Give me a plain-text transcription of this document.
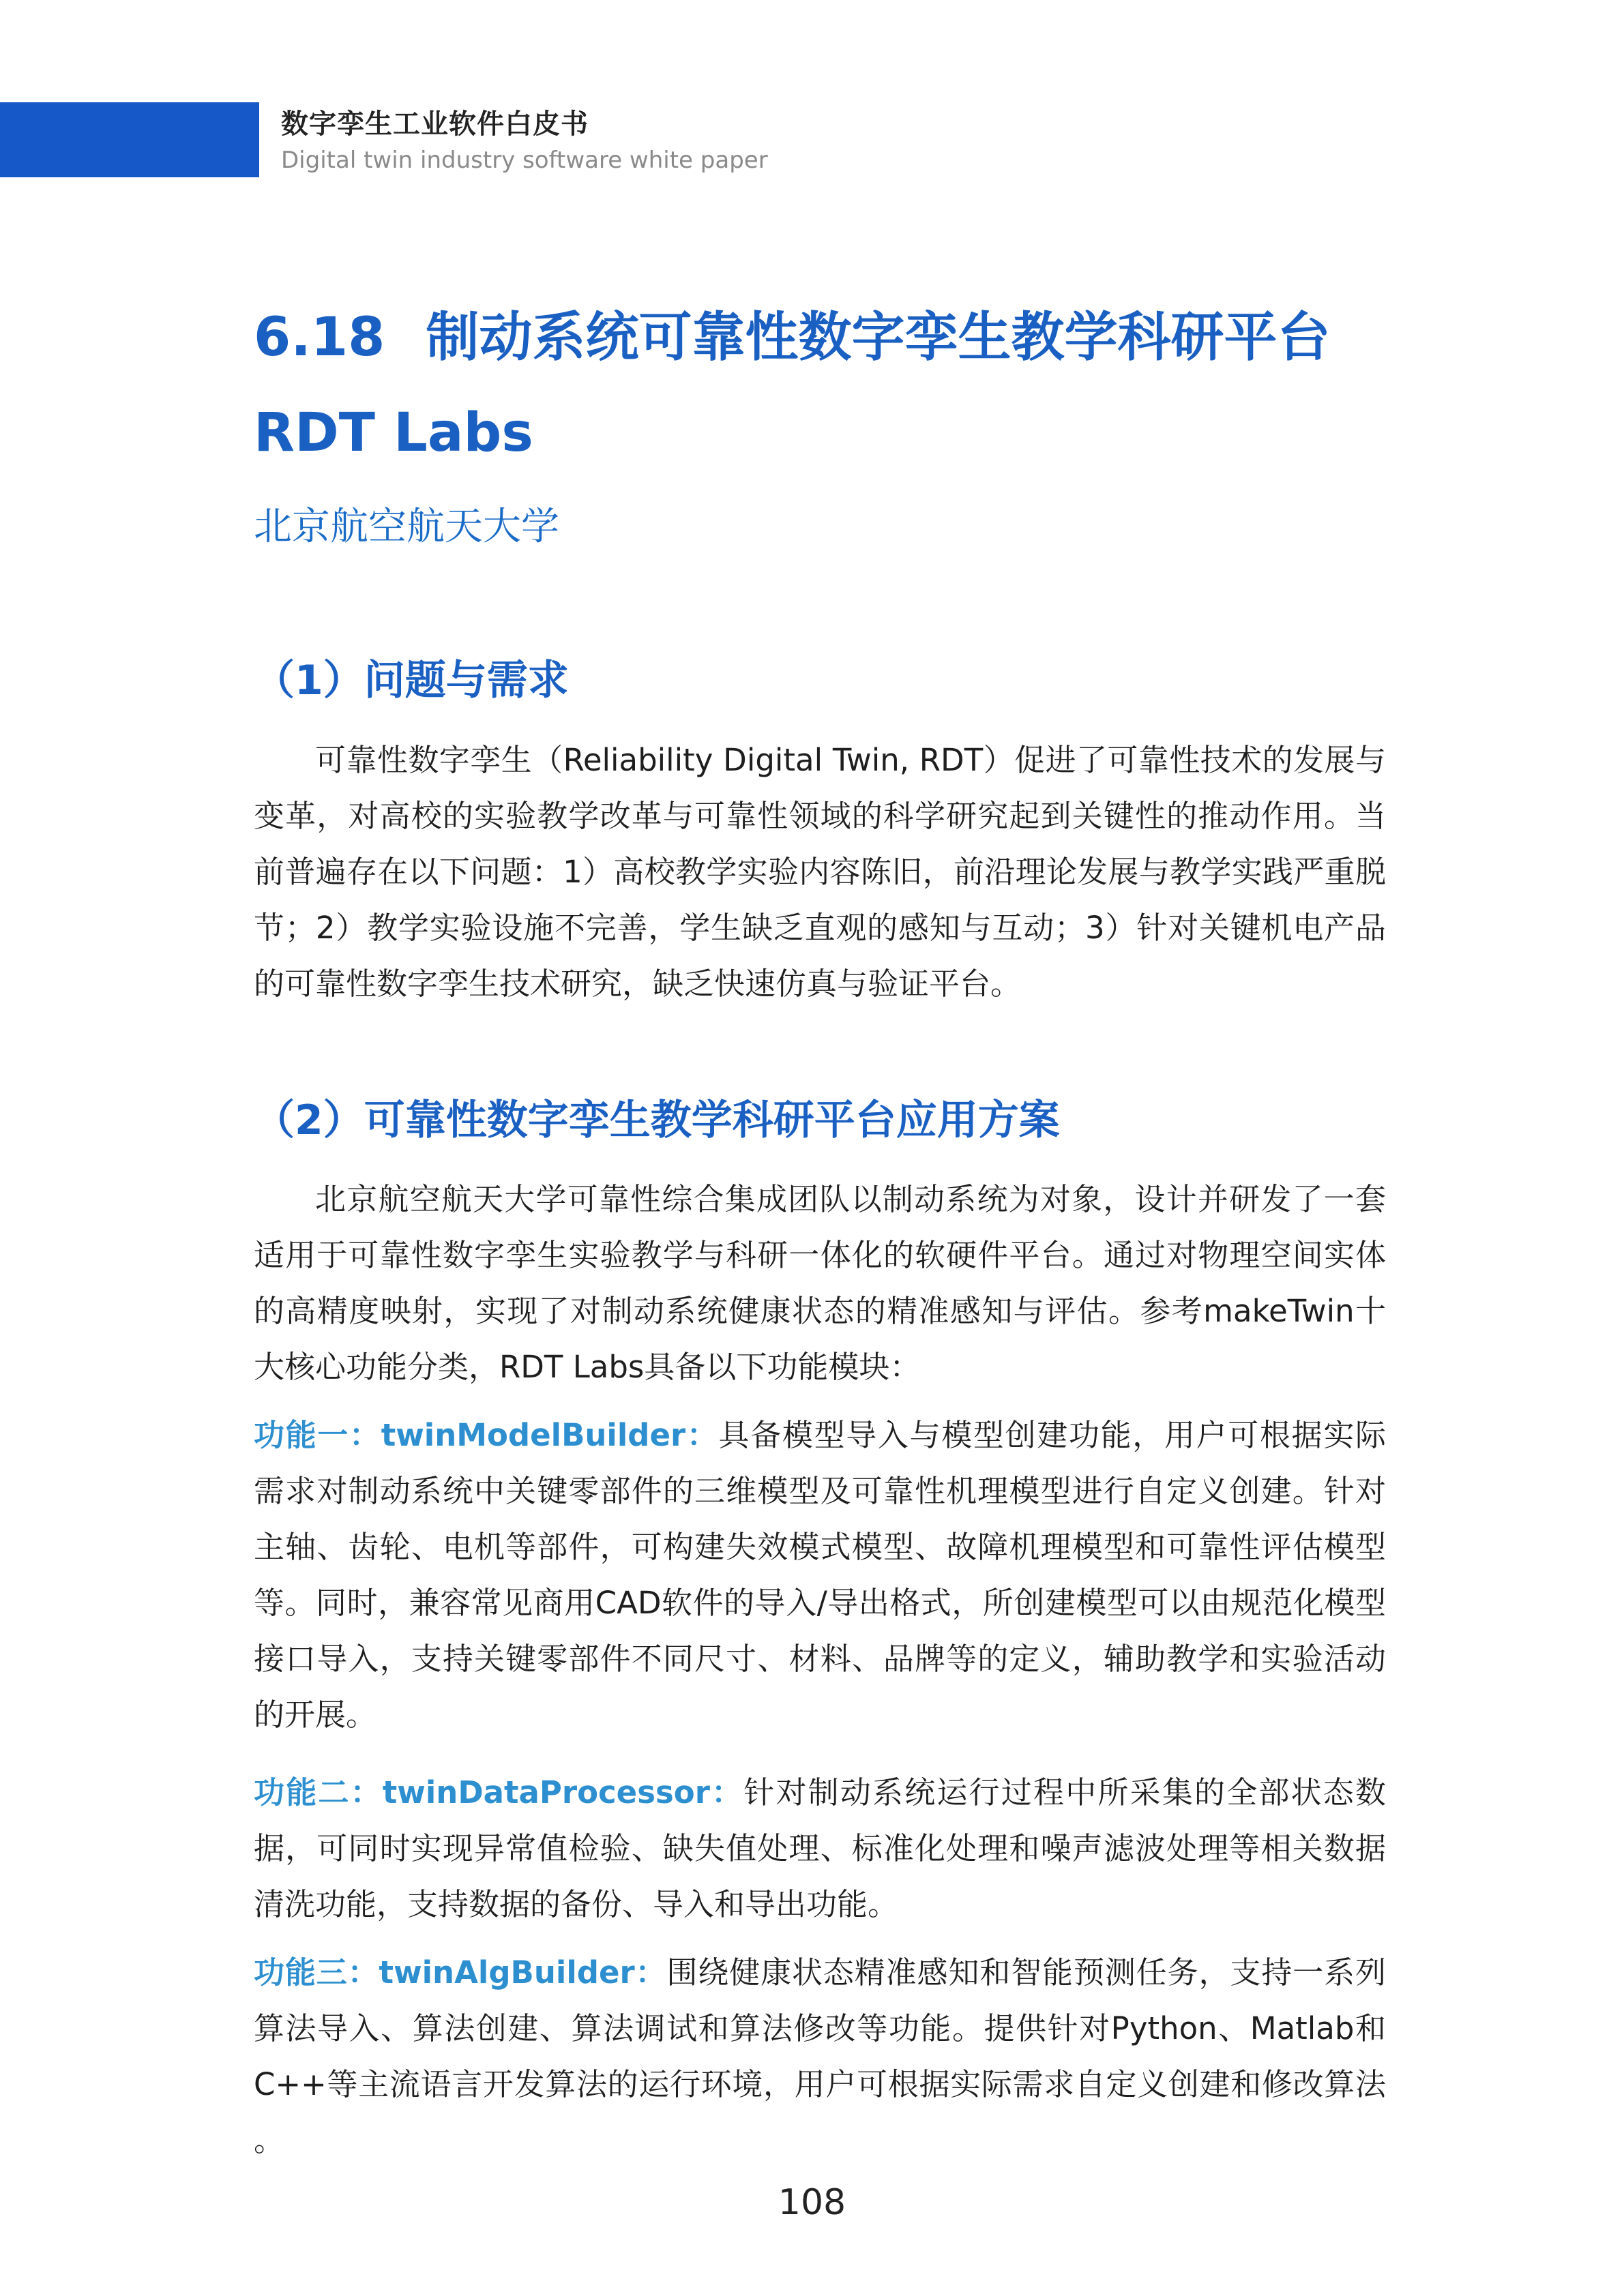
数字孪生工业软件白皮书
Digital twin industry software white paper
6.18 制动系统可靠性数字孪生教学科研平台 RDT Labs
北京航空航天大学
（1）问题与需求

可靠性数字孪生（Reliability Digital Twin, RDT）促进了可靠性技术的发展与变革，对高校的实验教学改革与可靠性领域的科学研究起到关键性的推动作用。当前普遍存在以下问题：1）高校教学实验内容陈旧，前沿理论发展与教学实践严重脱节；2）教学实验设施不完善，学生缺乏直观的感知与互动；3）针对关键机电产品的可靠性数字孪生技术研究，缺乏快速仿真与验证平台。

（2）可靠性数字孪生教学科研平台应用方案

北京航空航天大学可靠性综合集成团队以制动系统为对象，设计并研发了一套适用于可靠性数字孪生实验教学与科研一体化的软硬件平台。通过对物理空间实体的高精度映射，实现了对制动系统健康状态的精准感知与评估。参考makeTwin十大核心功能分类，RDT Labs具备以下功能模块：

功能一：twinModelBuilder：具备模型导入与模型创建功能，用户可根据实际需求对制动系统中关键零部件的三维模型及可靠性机理模型进行自定义创建。针对主轴、齿轮、电机等部件，可构建失效模式模型、故障机理模型和可靠性评估模型等。同时，兼容常见商用CAD软件的导入/导出格式，所创建模型可以由规范化模型接口导入，支持关键零部件不同尺寸、材料、品牌等的定义，辅助教学和实验活动的开展。

功能二：twinDataProcessor：针对制动系统运行过程中所采集的全部状态数据，可同时实现异常值检验、缺失值处理、标准化处理和噪声滤波处理等相关数据清洗功能，支持数据的备份、导入和导出功能。

功能三：twinAlgBuilder：围绕健康状态精准感知和智能预测任务，支持一系列算法导入、算法创建、算法调试和算法修改等功能。提供针对Python、Matlab和C++等主流语言开发算法的运行环境，用户可根据实际需求自定义创建和修改算法 。

108
